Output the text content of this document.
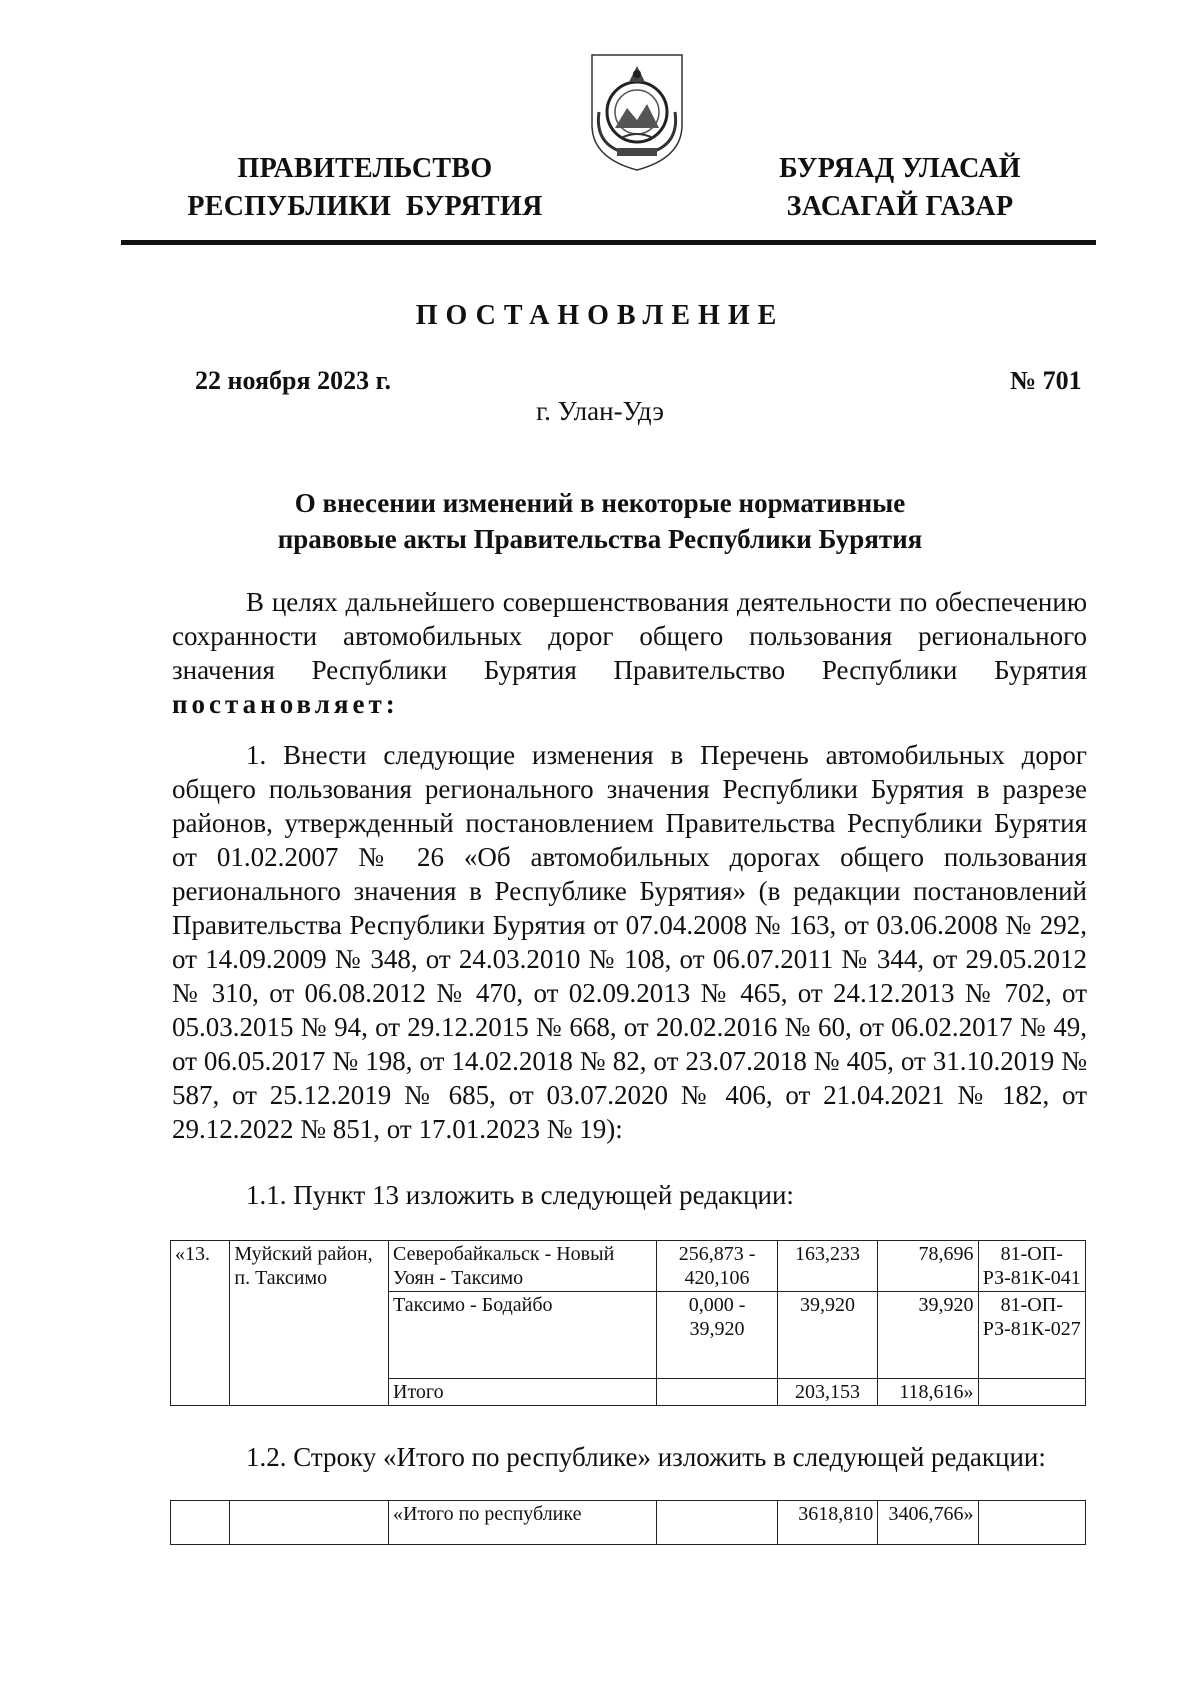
ПРАВИТЕЛЬСТВО
РЕСПУБЛИКИ  БУРЯТИЯ
БУРЯАД УЛАСАЙ
ЗАСАГАЙ ГАЗАР
ПОСТАНОВЛЕНИЕ
22 ноября 2023 г.	№ 701
г. Улан-Удэ
О внесении изменений в некоторые нормативные
правовые акты Правительства Республики Бурятия

В целях дальнейшего совершенствования деятельности по обеспечению сохранности автомобильных дорог общего пользования регионального значения Республики Бурятия Правительство Республики Бурятия постановляет:

1. Внести следующие изменения в Перечень автомобильных дорог общего пользования регионального значения Республики Бурятия в разрезе районов, утвержденный постановлением Правительства Республики Бурятия от 01.02.2007 № 26 «Об автомобильных дорогах общего пользования регионального значения в Республике Бурятия» (в редакции постановлений Правительства Республики Бурятия от 07.04.2008 № 163, от 03.06.2008 № 292, от 14.09.2009 № 348, от 24.03.2010 № 108, от 06.07.2011 № 344, от 29.05.2012 № 310, от 06.08.2012 № 470, от 02.09.2013 № 465, от 24.12.2013 № 702, от 05.03.2015 № 94, от 29.12.2015 № 668, от 20.02.2016 № 60, от 06.02.2017 № 49, от 06.05.2017 № 198, от 14.02.2018 № 82, от 23.07.2018 № 405, от 31.10.2019 № 587, от 25.12.2019 № 685, от 03.07.2020 № 406, от 21.04.2021 № 182, от 29.12.2022 № 851, от 17.01.2023 № 19):

1.1. Пункт 13 изложить в следующей редакции:

«13.	Муйский район, п. Таксимо	Северобайкальск - Новый Уоян - Таксимо	256,873 - 420,106	163,233	78,696	81-ОП-РЗ-81К-041
		Таксимо - Бодайбо	0,000 - 39,920	39,920	39,920	81-ОП-РЗ-81К-027
		Итого		203,153	118,616»	

1.2. Строку «Итого по республике» изложить в следующей редакции:

		«Итого по республике		3618,810	3406,766»	
